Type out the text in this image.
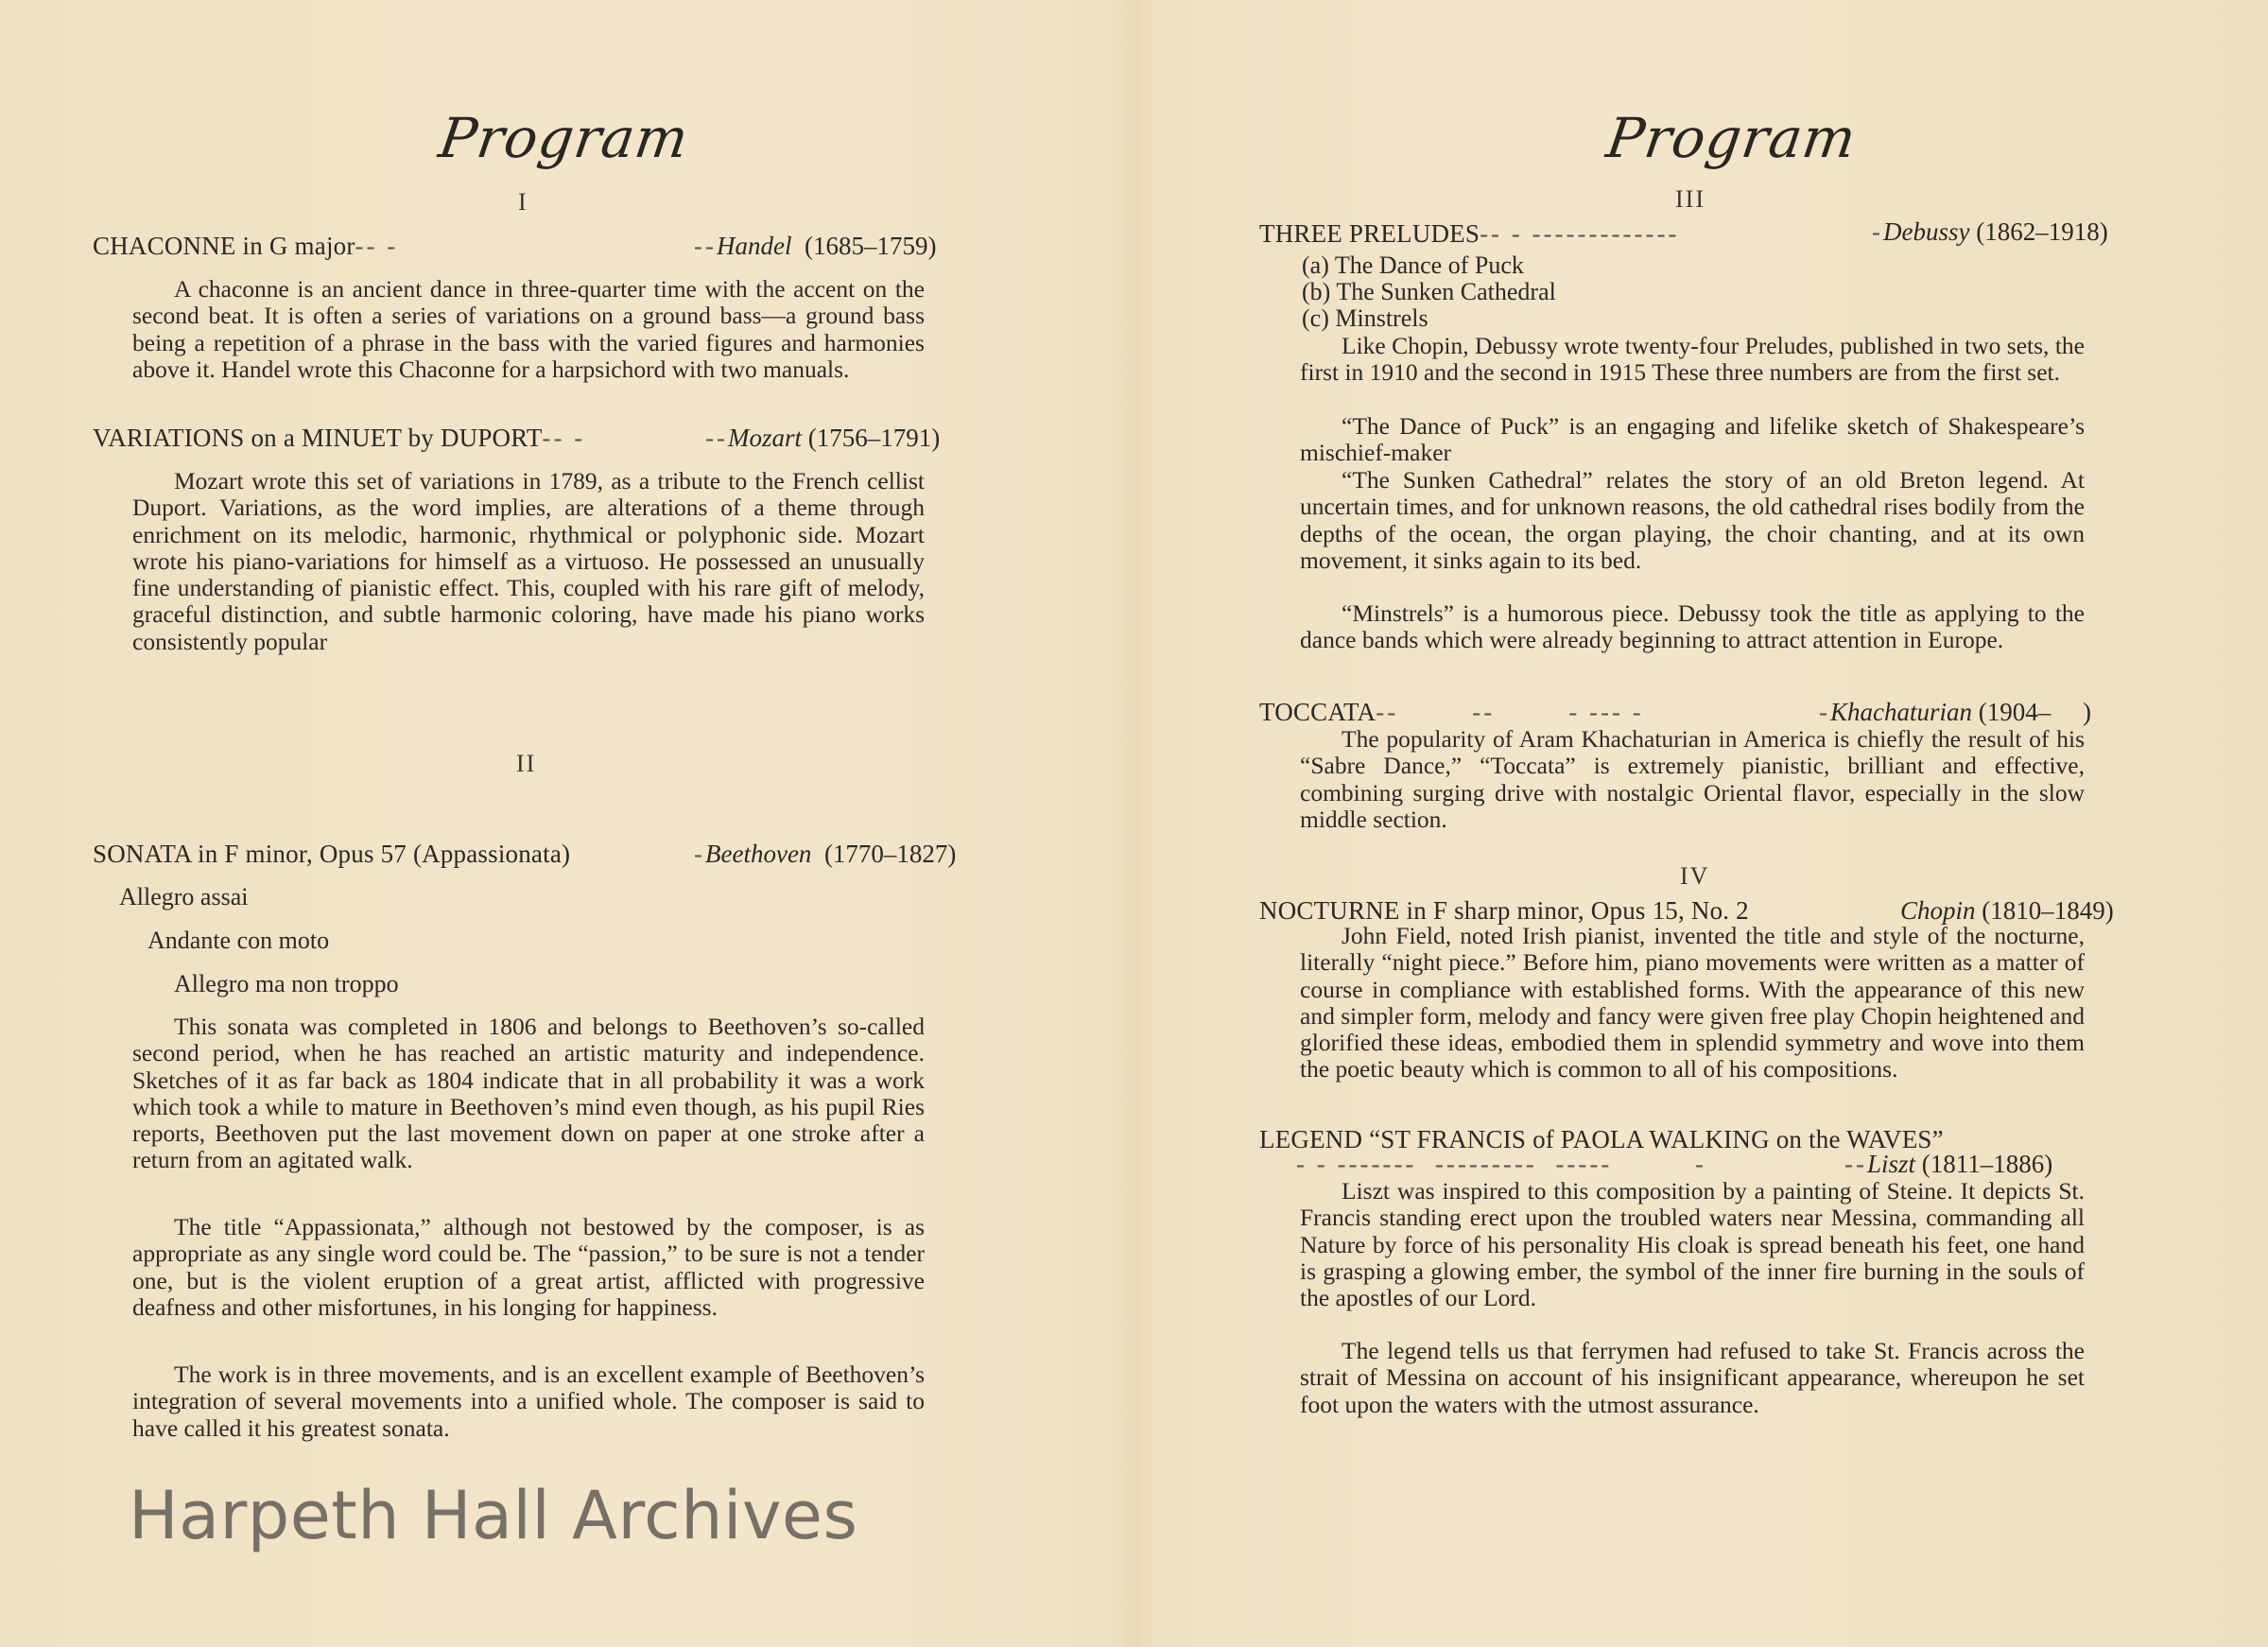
Program
I
CHACONNE in G major-- -	--Handel (1685–1759)

A chaconne is an ancient dance in three-quarter time with the accent on the second beat. It is often a series of variations on a ground bass—a ground bass being a repetition of a phrase in the bass with the varied figures and harmonies above it. Handel wrote this Chaconne for a harpsichord with two manuals.

VARIATIONS on a MINUET by DUPORT-- -	--Mozart (1756–1791)

Mozart wrote this set of variations in 1789, as a tribute to the French cellist Duport. Variations, as the word implies, are alterations of a theme through enrichment on its melodic, harmonic, rhythmical or polyphonic side. Mozart wrote his piano-variations for himself as a virtuoso. He possessed an unusually fine understanding of pianistic effect. This, coupled with his rare gift of melody, graceful distinction, and subtle harmonic coloring, have made his piano works consistently popular

II
SONATA in F minor, Opus 57 (Appassionata)	-Beethoven (1770–1827)
Allegro assai
Andante con moto
Allegro ma non troppo

This sonata was completed in 1806 and belongs to Beethoven’s so-called second period, when he has reached an artistic maturity and independence. Sketches of it as far back as 1804 indicate that in all probability it was a work which took a while to mature in Beethoven’s mind even though, as his pupil Ries reports, Beethoven put the last movement down on paper at one stroke after a return from an agitated walk.

The title “Appassionata,” although not bestowed by the composer, is as appropriate as any single word could be. The “passion,” to be sure is not a tender one, but is the violent eruption of a great artist, afflicted with progressive deafness and other misfortunes, in his longing for happiness.

The work is in three movements, and is an excellent example of Beethoven’s integration of several movements into a unified whole. The composer is said to have called it his greatest sonata.

Harpeth Hall Archives
Program
III
THREE PRELUDES-- - -------------	-Debussy (1862–1918)
(a) The Dance of Puck
(b) The Sunken Cathedral
(c) Minstrels

Like Chopin, Debussy wrote twenty-four Preludes, published in two sets, the first in 1910 and the second in 1915 These three numbers are from the first set.

“The Dance of Puck” is an engaging and lifelike sketch of Shakespeare’s mischief-maker

“The Sunken Cathedral” relates the story of an old Breton legend. At uncertain times, and for unknown reasons, the old cathedral rises bodily from the depths of the ocean, the organ playing, the choir chanting, and at its own movement, it sinks again to its bed.

“Minstrels” is a humorous piece. Debussy took the title as applying to the dance bands which were already beginning to attract attention in Europe.

TOCCATA--        --        - --- -	-Khachaturian (1904–     )

The popularity of Aram Khachaturian in America is chiefly the result of his “Sabre Dance,” “Toccata” is extremely pianistic, brilliant and effective, combining surging drive with nostalgic Oriental flavor, especially in the slow middle section.

IV
NOCTURNE in F sharp minor, Opus 15, No. 2	Chopin (1810–1849)

John Field, noted Irish pianist, invented the title and style of the nocturne, literally “night piece.” Before him, piano movements were written as a matter of course in compliance with established forms. With the appearance of this new and simpler form, melody and fancy were given free play Chopin heightened and glorified these ideas, embodied them in splendid symmetry and wove into them the poetic beauty which is common to all of his compositions.

LEGEND “ST FRANCIS of PAOLA WALKING on the WAVES”
- - -------  ---------  -----         -	--Liszt (1811–1886)

Liszt was inspired to this composition by a painting of Steine. It depicts St. Francis standing erect upon the troubled waters near Messina, commanding all Nature by force of his personality His cloak is spread beneath his feet, one hand is grasping a glowing ember, the symbol of the inner fire burning in the souls of the apostles of our Lord.

The legend tells us that ferrymen had refused to take St. Francis across the strait of Messina on account of his insignificant appearance, whereupon he set foot upon the waters with the utmost assurance.
